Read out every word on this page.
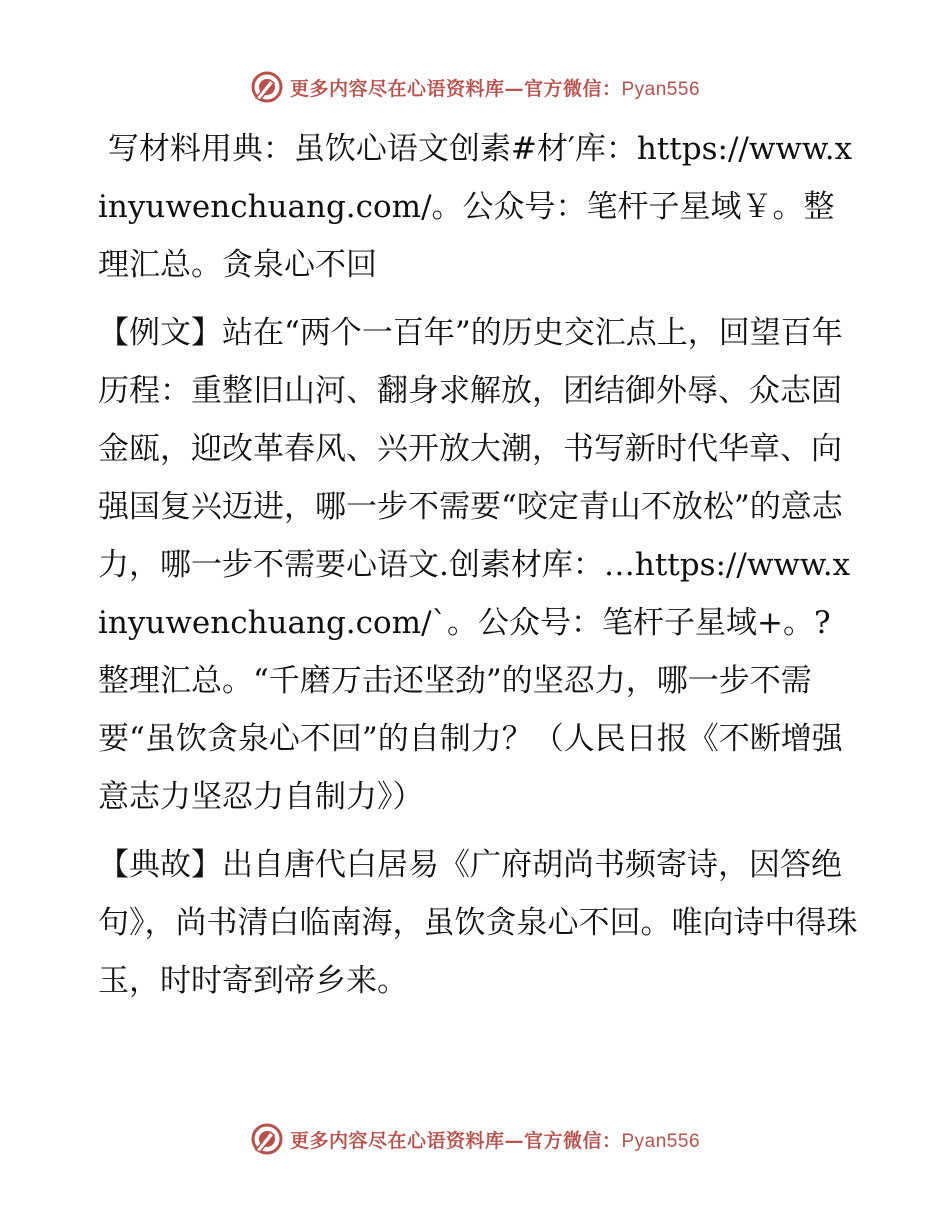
更多内容尽在心语资料库—官方微信：Pyan556

写材料用典：虽饮心语文创素#材′库：https://www.xinyuwenchuang.com/。公众号：笔杆子星域￥。整理汇总。贪泉心不回

【例文】站在“两个一百年”的历史交汇点上，回望百年历程：重整旧山河、翻身求解放，团结御外辱、众志固金瓯，迎改革春风、兴开放大潮，书写新时代华章、向强国复兴迈进，哪一步不需要“咬定青山不放松”的意志力，哪一步不需要心语文.创素材库：…https://www.xinyuwenchuang.com/`。公众号：笔杆子星域+。?整理汇总。“千磨万击还坚劲”的坚忍力，哪一步不需要“虽饮贪泉心不回”的自制力？（人民日报《不断增强意志力坚忍力自制力》）

【典故】出自唐代白居易《广府胡尚书频寄诗，因答绝句》，尚书清白临南海，虽饮贪泉心不回。唯向诗中得珠玉，时时寄到帝乡来。

更多内容尽在心语资料库—官方微信：Pyan556
